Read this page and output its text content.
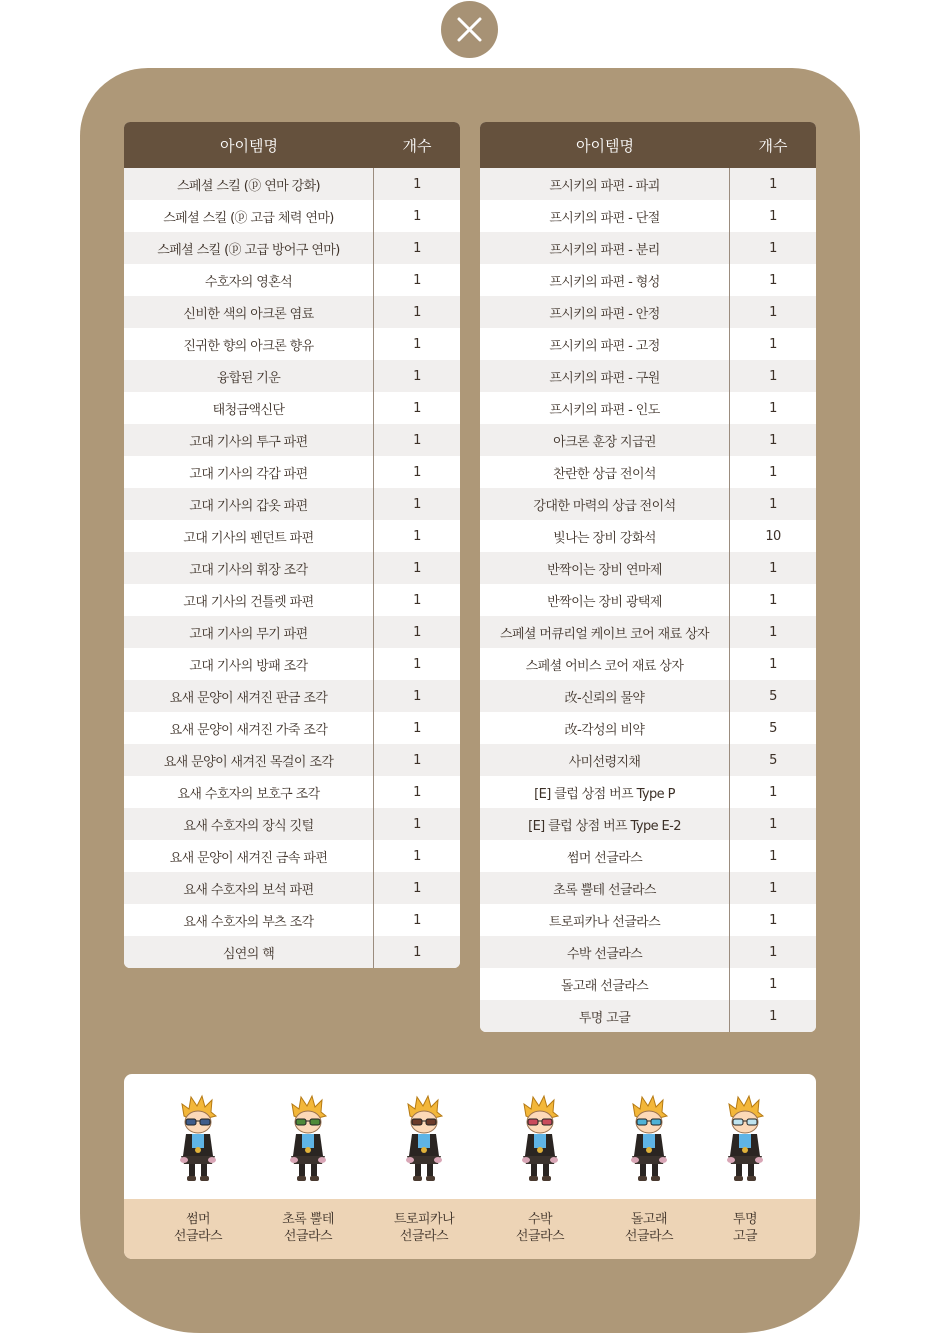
아이템명	개수
스페셜 스킬 (ⓟ 연마 강화)	1
스페셜 스킬 (ⓟ 고급 체력 연마)	1
스페셜 스킬 (ⓟ 고급 방어구 연마)	1
수호자의 영혼석	1
신비한 색의 아크론 염료	1
진귀한 향의 아크론 향유	1
융합된 기운	1
태청금액신단	1
고대 기사의 투구 파편	1
고대 기사의 각갑 파편	1
고대 기사의 갑옷 파편	1
고대 기사의 펜던트 파편	1
고대 기사의 휘장 조각	1
고대 기사의 건틀렛 파편	1
고대 기사의 무기 파편	1
고대 기사의 방패 조각	1
요새 문양이 새겨진 판금 조각	1
요새 문양이 새겨진 가죽 조각	1
요새 문양이 새겨진 목걸이 조각	1
요새 수호자의 보호구 조각	1
요새 수호자의 장식 깃털	1
요새 문양이 새겨진 금속 파편	1
요새 수호자의 보석 파편	1
요새 수호자의 부츠 조각	1
심연의 핵	1
아이템명	개수
프시키의 파편 - 파괴	1
프시키의 파편 - 단절	1
프시키의 파편 - 분리	1
프시키의 파편 - 형성	1
프시키의 파편 - 안정	1
프시키의 파편 - 고정	1
프시키의 파편 - 구원	1
프시키의 파편 - 인도	1
아크론 훈장 지급권	1
찬란한 상급 전이석	1
강대한 마력의 상급 전이석	1
빛나는 장비 강화석	10
반짝이는 장비 연마제	1
반짝이는 장비 광택제	1
스페셜 머큐리얼 케이브 코어 재료 상자	1
스페셜 어비스 코어 재료 상자	1
改-신뢰의 물약	5
改-각성의 비약	5
사미선령지채	5
[E] 클럽 상점 버프 Type P	1
[E] 클럽 상점 버프 Type E-2	1
썸머 선글라스	1
초록 뿔테 선글라스	1
트로피카나 선글라스	1
수박 선글라스	1
돌고래 선글라스	1
투명 고글	1
썸머
선글라스
초록 뿔테
선글라스
트로피카나
선글라스
수박
선글라스
돌고래
선글라스
투명
고글
